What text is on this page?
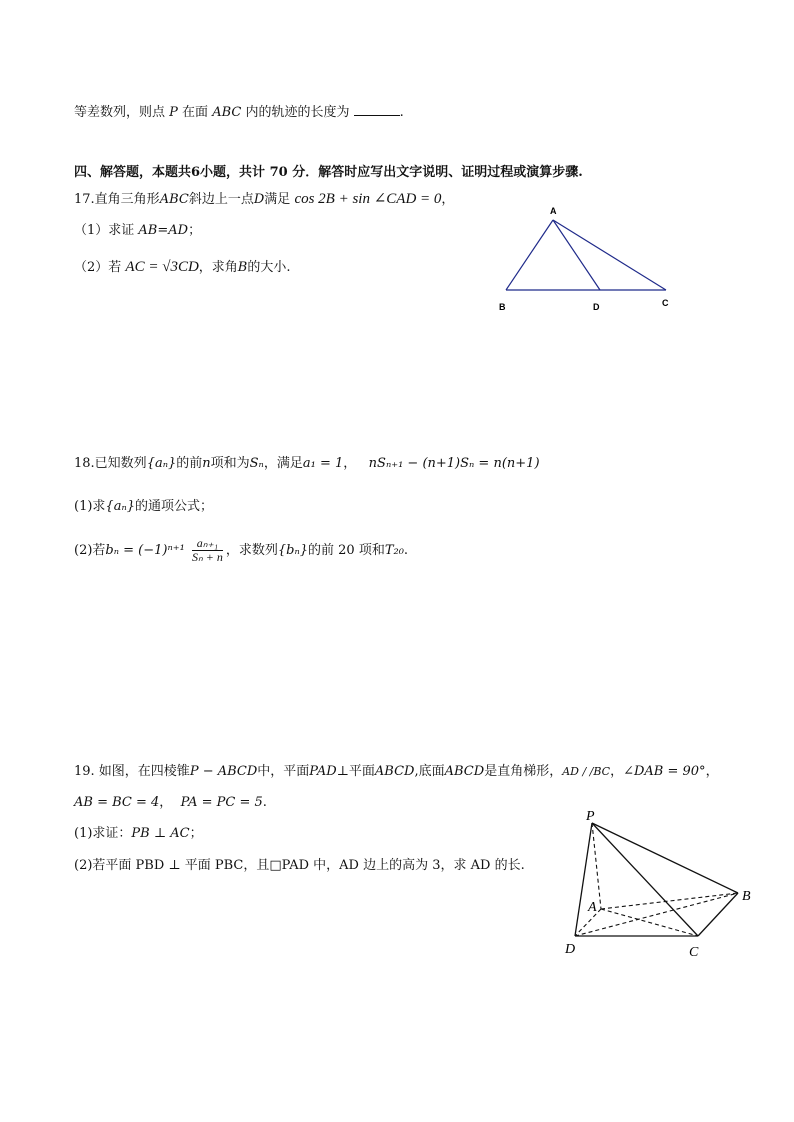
等差数列，则点 P 在面 ABC 内的轨迹的长度为	.
四、解答题，本题共6小题，共计 70 分．解答时应写出文字说明、证明过程或演算步骤.
17.直角三角形ABC斜边上一点D满足 cos 2B + sin ∠CAD = 0，
（1）求证 AB=AD；
（2）若 AC = √3CD，求角B的大小.
A
B	D	C
18.已知数列{aₙ}的前n项和为Sₙ，满足a₁ = 1， nSₙ₊₁ − (n+1)Sₙ = n(n+1)
(1)求{aₙ}的通项公式；
(2)若$b_n = (-1)^{n+1} \frac{\text{aₙ₊₁}}{\text{Sₙ + n}}$ ，求数列{bₙ}的前 20 项和T₂₀.
19. 如图，在四棱锥P − ABCD中，平面PAD⊥平面ABCD,底面ABCD是直角梯形，AD / /BC，∠DAB = 90°，
AB = BC = 4， PA = PC = 5.
(1)求证：PB ⊥ AC；
(2)若平面 PBD ⊥ 平面 PBC，且□PAD 中，AD 边上的高为 3，求 AD 的长.
P
A
B
D	C
